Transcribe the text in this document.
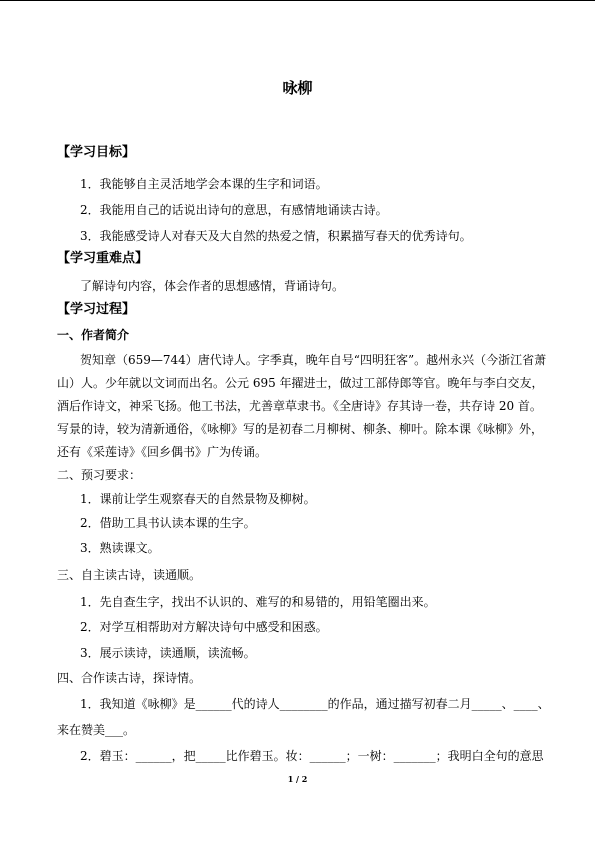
咏柳
【学习目标】
1．我能够自主灵活地学会本课的生字和词语。
2．我能用自己的话说出诗句的意思，有感情地诵读古诗。
3．我能感受诗人对春天及大自然的热爱之情，积累描写春天的优秀诗句。
【学习重难点】
了解诗句内容，体会作者的思想感情，背诵诗句。
【学习过程】
一、作者简介
贺知章（659—744）唐代诗人。字季真，晚年自号“四明狂客”。越州永兴（今浙江省萧
山）人。少年就以文词而出名。公元 695 年擢进士，做过工部侍郎等官。晚年与李白交友，
酒后作诗文，神采飞扬。他工书法，尤善章草隶书。《全唐诗》存其诗一卷，共存诗 20 首。
写景的诗，较为清新通俗，《咏柳》写的是初春二月柳树、柳条、柳叶。除本课《咏柳》外，
还有《采莲诗》《回乡偶书》广为传诵。
二、预习要求：
1．课前让学生观察春天的自然景物及柳树。
2．借助工具书认读本课的生字。
3．熟读课文。
三、自主读古诗，读通顺。
1．先自查生字，找出不认识的、难写的和易错的，用铅笔圈出来。
2．对学互相帮助对方解决诗句中感受和困惑。
3．展示读诗，读通顺，读流畅。
四、合作读古诗，探诗情。
1．我知道《咏柳》是______代的诗人________的作品，通过描写初春二月_____、____、
来在赞美___。
2．碧玉：______，把_____比作碧玉。妆：______；一树：_______；我明白全句的意思
1 / 2
